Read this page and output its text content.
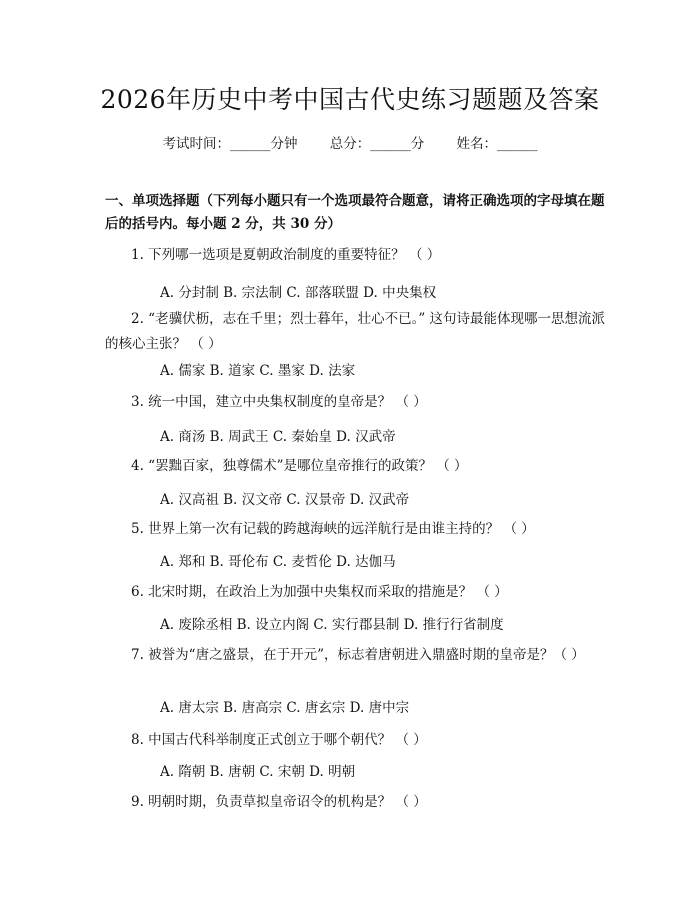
2026年历史中考中国古代史练习题题及答案
考试时间：______分钟 总分：______分 姓名：______
一、单项选择题（下列每小题只有一个选项最符合题意，请将正确选项的字母填在题后的括号内。每小题 2 分，共 30 分）
1. 下列哪一选项是夏朝政治制度的重要特征？ （ ）
A. 分封制 B. 宗法制 C. 部落联盟 D. 中央集权
2. “老骥伏枥，志在千里；烈士暮年，壮心不已。” 这句诗最能体现哪一思想流派的核心主张？ （ ）
A. 儒家 B. 道家 C. 墨家 D. 法家
3. 统一中国，建立中央集权制度的皇帝是？ （ ）
A. 商汤 B. 周武王 C. 秦始皇 D. 汉武帝
4. “罢黜百家，独尊儒术”是哪位皇帝推行的政策？ （ ）
A. 汉高祖 B. 汉文帝 C. 汉景帝 D. 汉武帝
5. 世界上第一次有记载的跨越海峡的远洋航行是由谁主持的？ （ ）
A. 郑和 B. 哥伦布 C. 麦哲伦 D. 达伽马
6. 北宋时期，在政治上为加强中央集权而采取的措施是？ （ ）
A. 废除丞相 B. 设立内阁 C. 实行郡县制 D. 推行行省制度
7. 被誉为“唐之盛景，在于开元”，标志着唐朝进入鼎盛时期的皇帝是？（ ）
A. 唐太宗 B. 唐高宗 C. 唐玄宗 D. 唐中宗
8. 中国古代科举制度正式创立于哪个朝代？ （ ）
A. 隋朝 B. 唐朝 C. 宋朝 D. 明朝
9. 明朝时期，负责草拟皇帝诏令的机构是？ （ ）
